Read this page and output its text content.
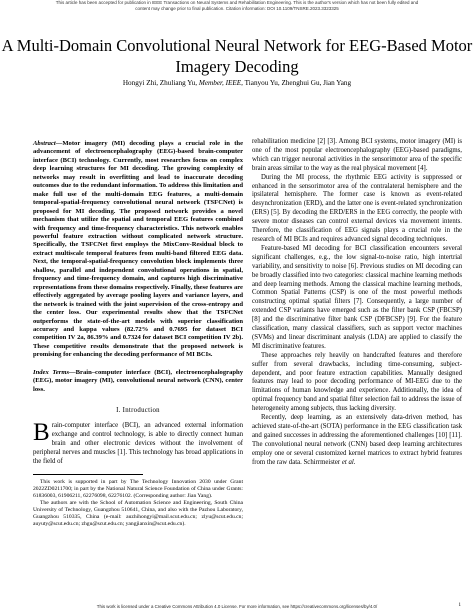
This article has been accepted for publication in IEEE Transactions on Neural Systems and Rehabilitation Engineering. This is the author's version which has not been fully edited and
content may change prior to final publication. Citation information: DOI 10.1109/TNSRE.2023.3323325
A Multi-Domain Convolutional Neural Network for EEG-Based Motor Imagery Decoding
Hongyi Zhi, Zhuliang Yu, Member, IEEE, Tianyou Yu, Zhenghui Gu, Jian Yang

Abstract—Motor imagery (MI) decoding plays a crucial role in the advancement of electroencephalography (EEG)-based brain-computer interface (BCI) technology. Currently, most researches focus on complex deep learning structures for MI decoding. The growing complexity of networks may result in overfitting and lead to inaccurate decoding outcomes due to the redundant information. To address this limitation and make full use of the multi-domain EEG features, a multi-domain temporal-spatial-frequency convolutional neural network (TSFCNet) is proposed for MI decoding. The proposed network provides a novel mechanism that utilize the spatial and temporal EEG features combined with frequency and time-frequency characteristics. This network enables powerful feature extraction without complicated network structure. Specifically, the TSFCNet first employs the MixConv-Residual block to extract multiscale temporal features from multi-band filtered EEG data. Next, the temporal-spatial-frequency convolution block implements three shallow, parallel and independent convolutional operations in spatial, frequency and time-frequency domain, and captures high discriminative representations from these domains respectively. Finally, these features are effectively aggregated by average pooling layers and variance layers, and the network is trained with the joint supervision of the cross-entropy and the center loss. Our experimental results show that the TSFCNet outperforms the state-of-the-art models with superior classification accuracy and kappa values (82.72% and 0.7695 for dataset BCI competition IV 2a, 86.39% and 0.7324 for dataset BCI competition IV 2b). These competitive results demonstrate that the proposed network is promising for enhancing the decoding performance of MI BCIs.

Index Terms—Brain–computer interface (BCI), electroencephalography (EEG), motor imagery (MI), convolutional neural network (CNN), center loss.

I. Introduction

Brain-computer interface (BCI), an advanced external information exchange and control technology, is able to directly connect human brain and other electronic devices without the involvement of peripheral nerves and muscles [1]. This technology has broad applications in the field of

This work is supported in part by The Technology Innovation 2030 under Grant 2022ZD0211700; in part by the National Natural Science Foundation of China under Grants: 61836003, 61906211, 62276098, 62276102. (Corresponding author: Jian Yang).

The authors are with the School of Automation Science and Engineering, South China University of Technology, Guangzhou 510641, China, and also with the Pazhou Laboratory, Guangzhou 510335, China (e-mail: auzhihongyi@mail.scut.edu.cn; zlyu@scut.edu.cn; auyuty@scut.edu.cn; zhgu@scut.edu.cn; yangjianxin@scut.edu.cn).

rehabilitation medicine [2] [3]. Among BCI systems, motor imagery (MI) is one of the most popular electroencephalography (EEG)-based paradigms, which can trigger neuronal activities in the sensorimotor area of the specific brain areas similar to the way as the real physical movement [4].

During the MI process, the rhythmic EEG activity is suppressed or enhanced in the sensorimotor area of the contralateral hemisphere and the ipsilateral hemisphere. The former case is known as event-related desynchronization (ERD), and the latter one is event-related synchronization (ERS) [5]. By decoding the ERD/ERS in the EEG correctly, the people with severe motor diseases can control external devices via movement intents. Therefore, the classification of EEG signals plays a crucial role in the research of MI BCIs and requires advanced signal decoding techniques.

Feature-based MI decoding for BCI classification encounters several significant challenges, e.g., the low signal-to-noise ratio, high intertrial variability, and sensitivity to noise [6]. Previous studies on MI decoding can be broadly classified into two categories: classical machine learning methods and deep learning methods. Among the classical machine learning methods, Common Spatial Patterns (CSP) is one of the most powerful methods constructing optimal spatial filters [7]. Consequently, a large number of extended CSP variants have emerged such as the filter bank CSP (FBCSP) [8] and the discriminative filter bank CSP (DFBCSP) [9]. For the feature classification, many classical classifiers, such as support vector machines (SVMs) and linear discriminant analysis (LDA) are applied to classify the MI discriminative features.

These approaches rely heavily on handcrafted features and therefore suffer from several drawbacks, including time-consuming, subject-dependent, and poor feature extraction capabilities. Manually designed features may lead to poor decoding performance of MI-EEG due to the limitations of human knowledge and experience. Additionally, the idea of optimal frequency band and spatial filter selection fail to address the issue of heterogeneity among subjects, thus lacking diversity.

Recently, deep learning, as an extensively data-driven method, has achieved state-of-the-art (SOTA) performance in the EEG classification task and gained successes in addressing the aforementioned challenges [10] [11]. The convolutional neural network (CNN) based deep learning architectures employ one or several customized kernel matrices to extract hybrid features from the raw data. Schirrmeister et al.

This work is licensed under a Creative Commons Attribution 4.0 License. For more information, see https://creativecommons.org/licenses/by/4.0/	1
